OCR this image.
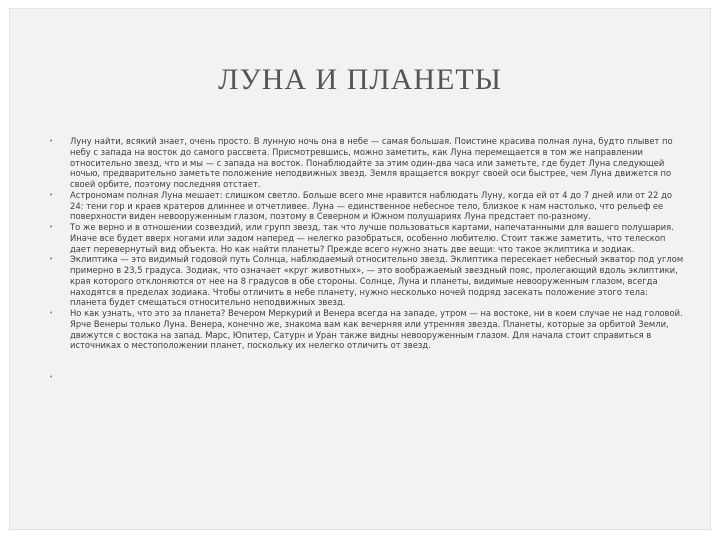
ЛУНА И ПЛАНЕТЫ
• Луну найти, всякий знает, очень просто. В лунную ночь она в небе — самая большая. Поистине красива полная луна, будто плывет по небу с запада на восток до самого рассвета. Присмотревшись, можно заметить, как Луна перемещается в том же направлении относительно звезд, что и мы — с запада на восток. Понаблюдайте за этим один-два часа или заметьте, где будет Луна следующей ночью, предварительно заметьте положение неподвижных звезд. Земля вращается вокруг своей оси быстрее, чем Луна движется по своей орбите, поэтому последняя отстает.
• Астрономам полная Луна мешает: слишком светло. Больше всего мне нравится наблюдать Луну, когда ей от 4 до 7 дней или от 22 до 24: тени гор и краев кратеров длиннее и отчетливее. Луна — единственное небесное тело, близкое к нам настолько, что рельеф ее поверхности виден невооруженным глазом, поэтому в Северном и Южном полушариях Луна предстает по-разному.
• То же верно и в отношении созвездий, или групп звезд, так что лучше пользоваться картами, напечатанными для вашего полушария. Иначе все будет вверх ногами или задом наперед — нелегко разобраться, особенно любителю. Стоит также заметить, что телескоп дает перевернутый вид объекта. Но как найти планеты? Прежде всего нужно знать две вещи: что такое эклиптика и зодиак.
• Эклиптика — это видимый годовой путь Солнца, наблюдаемый относительно звезд. Эклиптика пересекает небесный экватор под углом примерно в 23,5 градуса. Зодиак, что означает «круг животных», — это воображаемый звездный пояс, пролегающий вдоль эклиптики, края которого отклоняются от нее на 8 градусов в обе стороны. Солнце, Луна и планеты, видимые невооруженным глазом, всегда находятся в пределах зодиака. Чтобы отличить в небе планету, нужно несколько ночей подряд засекать положение этого тела: планета будет смещаться относительно неподвижных звезд.
• Но как узнать, что это за планета? Вечером Меркурий и Венера всегда на западе, утром — на востоке, ни в коем случае не над головой. Ярче Венеры только Луна. Венера, конечно же, знакома вам как вечерняя или утренняя звезда. Планеты, которые за орбитой Земли, движутся с востока на запад. Марс, Юпитер, Сатурн и Уран также видны невооруженным глазом. Для начала стоит справиться в источниках о местоположении планет, поскольку их нелегко отличить от звезд.
•
